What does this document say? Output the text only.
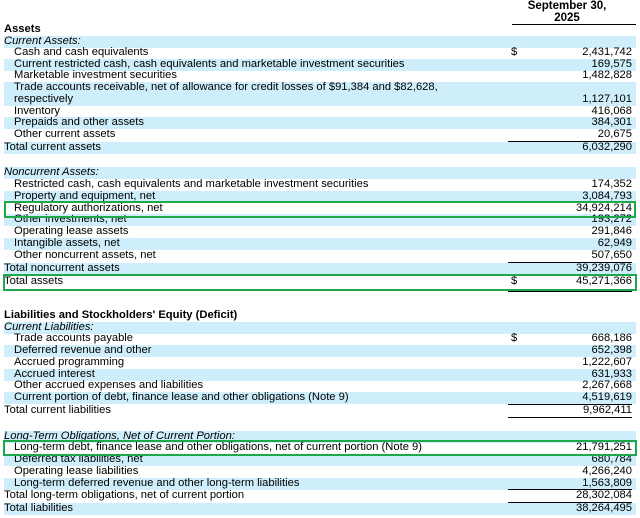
September 30,
2025
Assets
Current Assets:
Cash and cash equivalents	$	2,431,742
Current restricted cash, cash equivalents and marketable investment securities	169,575
Marketable investment securities	1,482,828
Trade accounts receivable, net of allowance for credit losses of $91,384 and $82,628,
respectively	1,127,101
Inventory	416,068
Prepaids and other assets	384,301
Other current assets	20,675
Total current assets	6,032,290
Noncurrent Assets:
Restricted cash, cash equivalents and marketable investment securities	174,352
Property and equipment, net	3,084,793
Regulatory authorizations, net	34,924,214
Other investments, net	193,272
Operating lease assets	291,846
Intangible assets, net	62,949
Other noncurrent assets, net	507,650
Total noncurrent assets	39,239,076
Total assets	$	45,271,366
Liabilities and Stockholders' Equity (Deficit)
Current Liabilities:
Trade accounts payable	$	668,186
Deferred revenue and other	652,398
Accrued programming	1,222,607
Accrued interest	631,933
Other accrued expenses and liabilities	2,267,668
Current portion of debt, finance lease and other obligations (Note 9)	4,519,619
Total current liabilities	9,962,411
Long-Term Obligations, Net of Current Portion:
Long-term debt, finance lease and other obligations, net of current portion (Note 9)	21,791,251
Deferred tax liabilities, net	680,784
Operating lease liabilities	4,266,240
Long-term deferred revenue and other long-term liabilities	1,563,809
Total long-term obligations, net of current portion	28,302,084
Total liabilities	38,264,495
